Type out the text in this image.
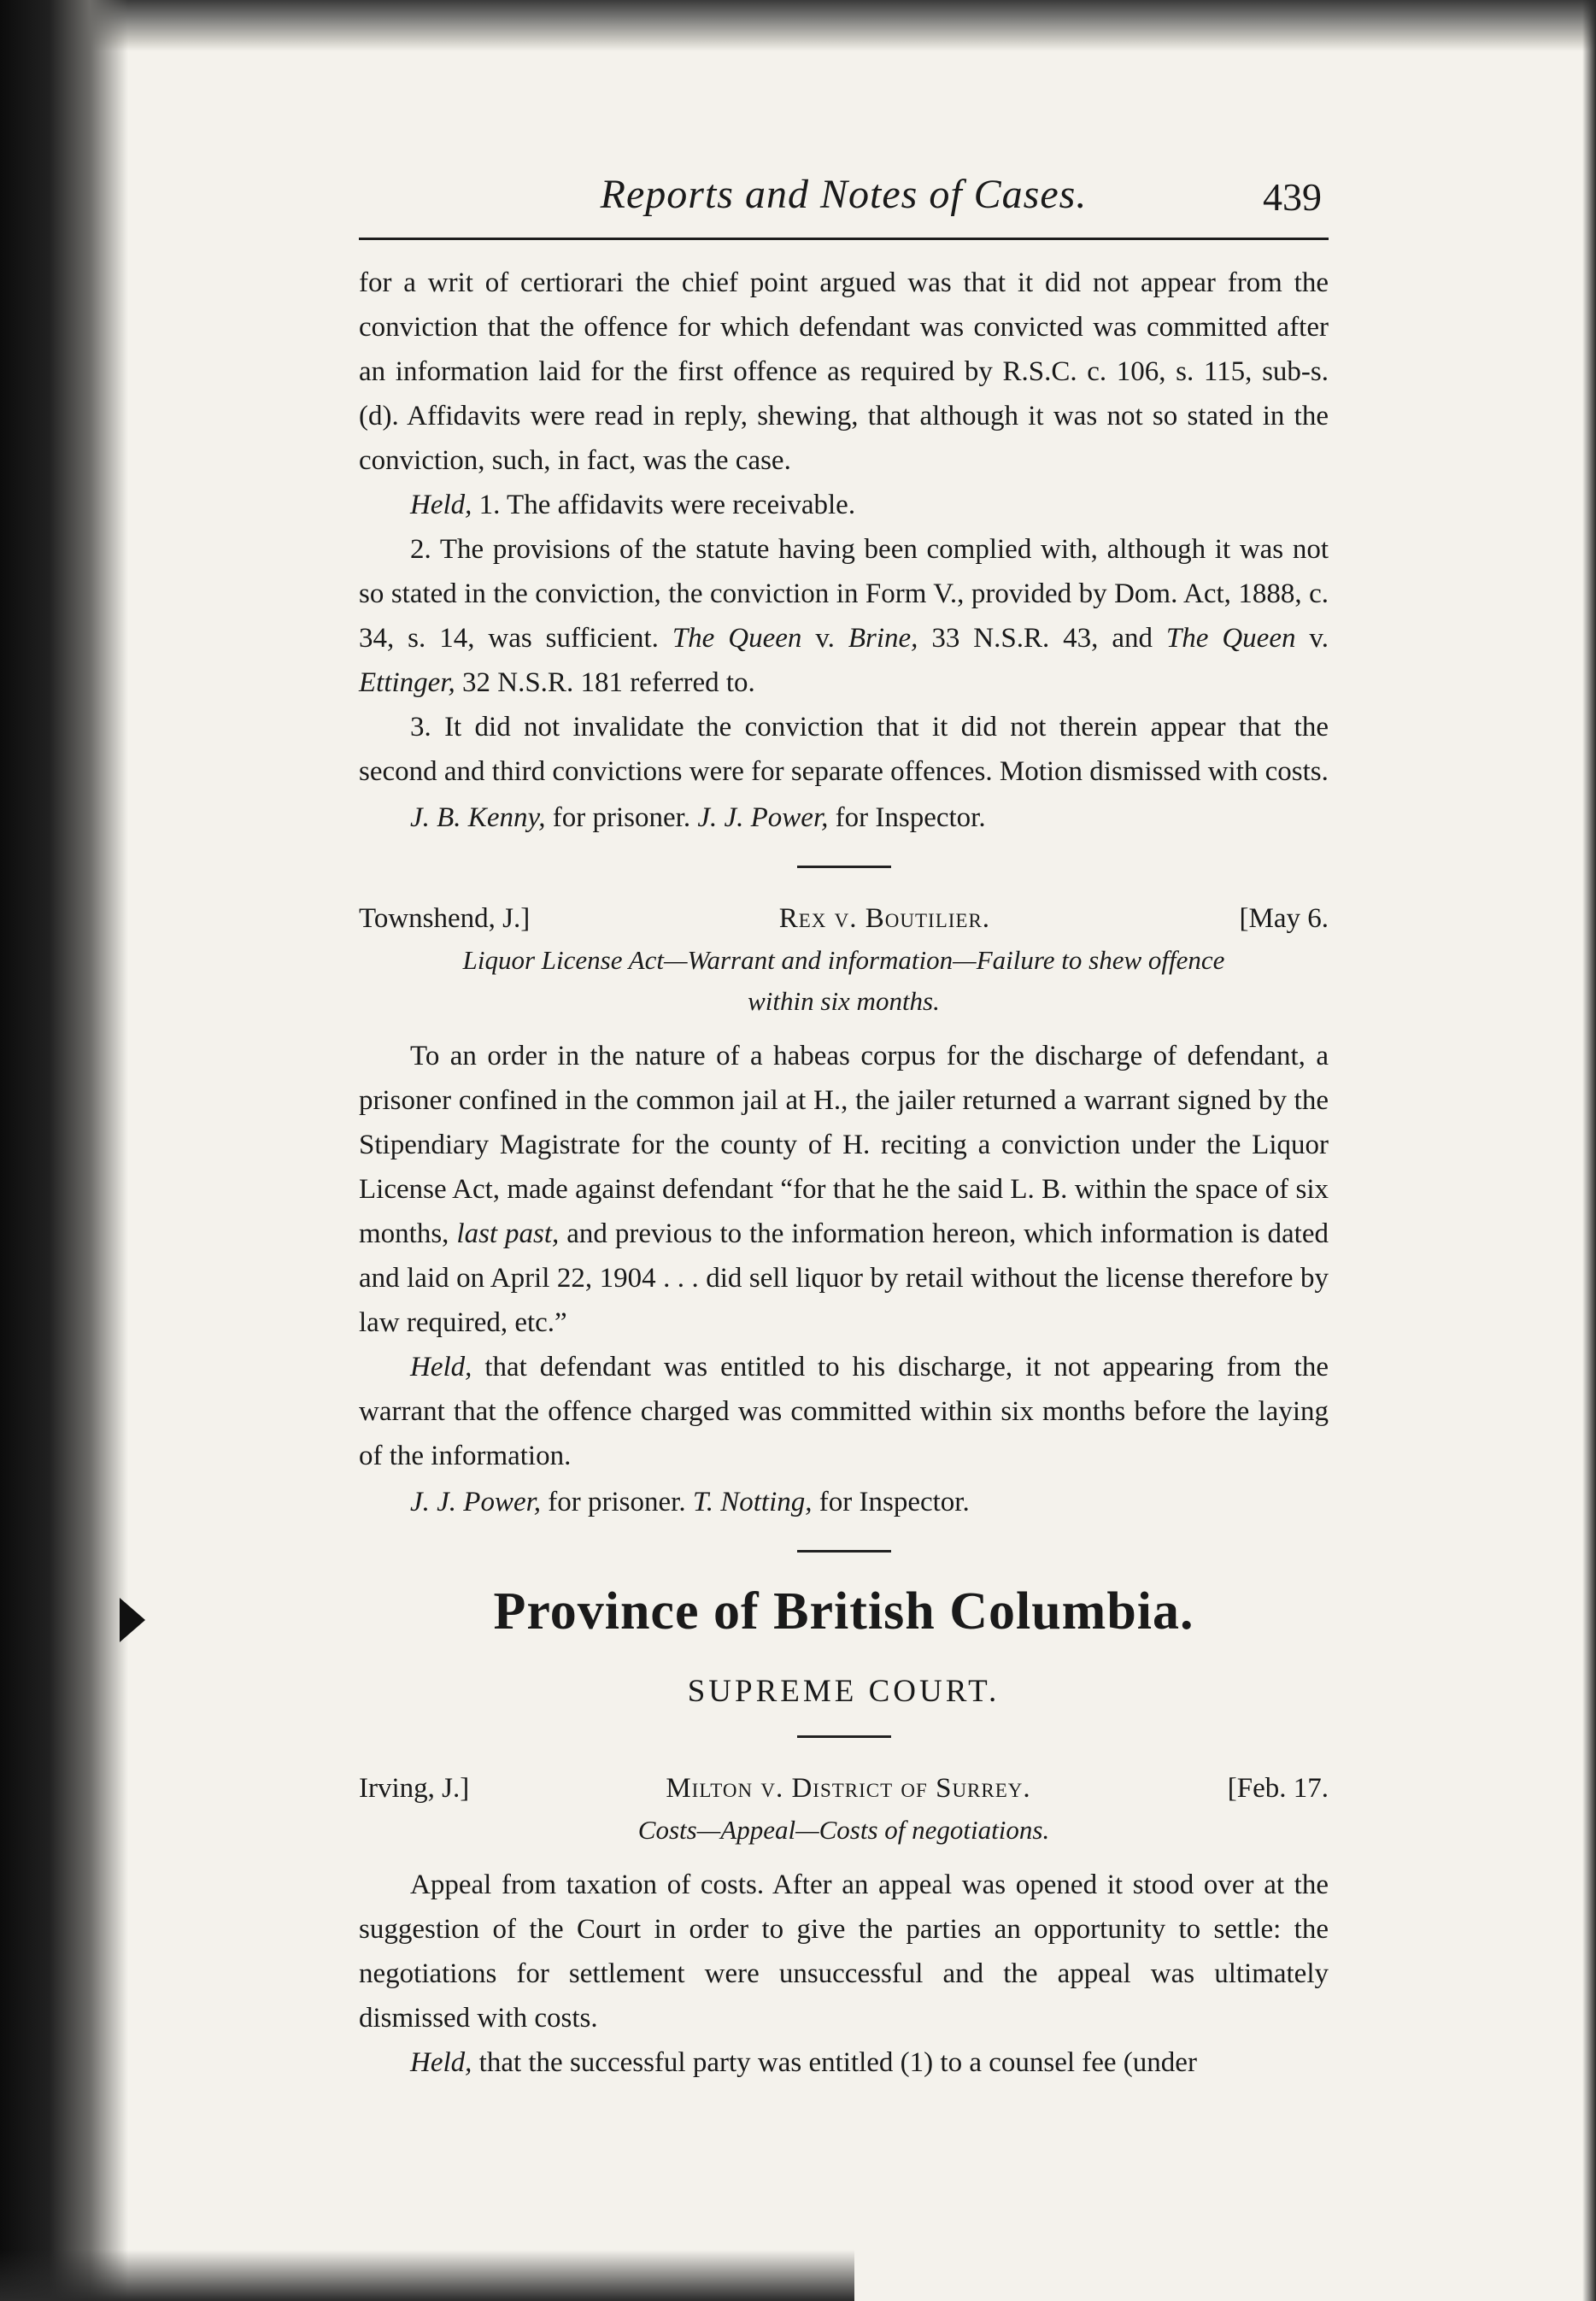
Reports and Notes of Cases.	439

for a writ of certiorari the chief point argued was that it did not appear from the conviction that the offence for which defendant was convicted was committed after an information laid for the first offence as required by R.S.C. c. 106, s. 115, sub-s. (d). Affidavits were read in reply, shewing, that although it was not so stated in the conviction, such, in fact, was the case.

Held, 1. The affidavits were receivable.

2. The provisions of the statute having been complied with, although it was not so stated in the conviction, the conviction in Form V., provided by Dom. Act, 1888, c. 34, s. 14, was sufficient. The Queen v. Brine, 33 N.S.R. 43, and The Queen v. Ettinger, 32 N.S.R. 181 referred to.

3. It did not invalidate the conviction that it did not therein appear that the second and third convictions were for separate offences. Motion dismissed with costs.

J. B. Kenny, for prisoner. J. J. Power, for Inspector.

Townshend, J.]	Rex v. Boutilier.	[May 6.
Liquor License Act—Warrant and information—Failure to shew offence
within six months.

To an order in the nature of a habeas corpus for the discharge of defendant, a prisoner confined in the common jail at H., the jailer returned a warrant signed by the Stipendiary Magistrate for the county of H. reciting a conviction under the Liquor License Act, made against defendant “for that he the said L. B. within the space of six months, last past, and previous to the information hereon, which information is dated and laid on April 22, 1904 . . . did sell liquor by retail without the license therefore by law required, etc.”

Held, that defendant was entitled to his discharge, it not appearing from the warrant that the offence charged was committed within six months before the laying of the information.

J. J. Power, for prisoner. T. Notting, for Inspector.

Province of British Columbia.
SUPREME COURT.
Irving, J.]	Milton v. District of Surrey.	[Feb. 17.
Costs—Appeal—Costs of negotiations.

Appeal from taxation of costs. After an appeal was opened it stood over at the suggestion of the Court in order to give the parties an opportunity to settle: the negotiations for settlement were unsuccessful and the appeal was ultimately dismissed with costs.

Held, that the successful party was entitled (1) to a counsel fee (under
